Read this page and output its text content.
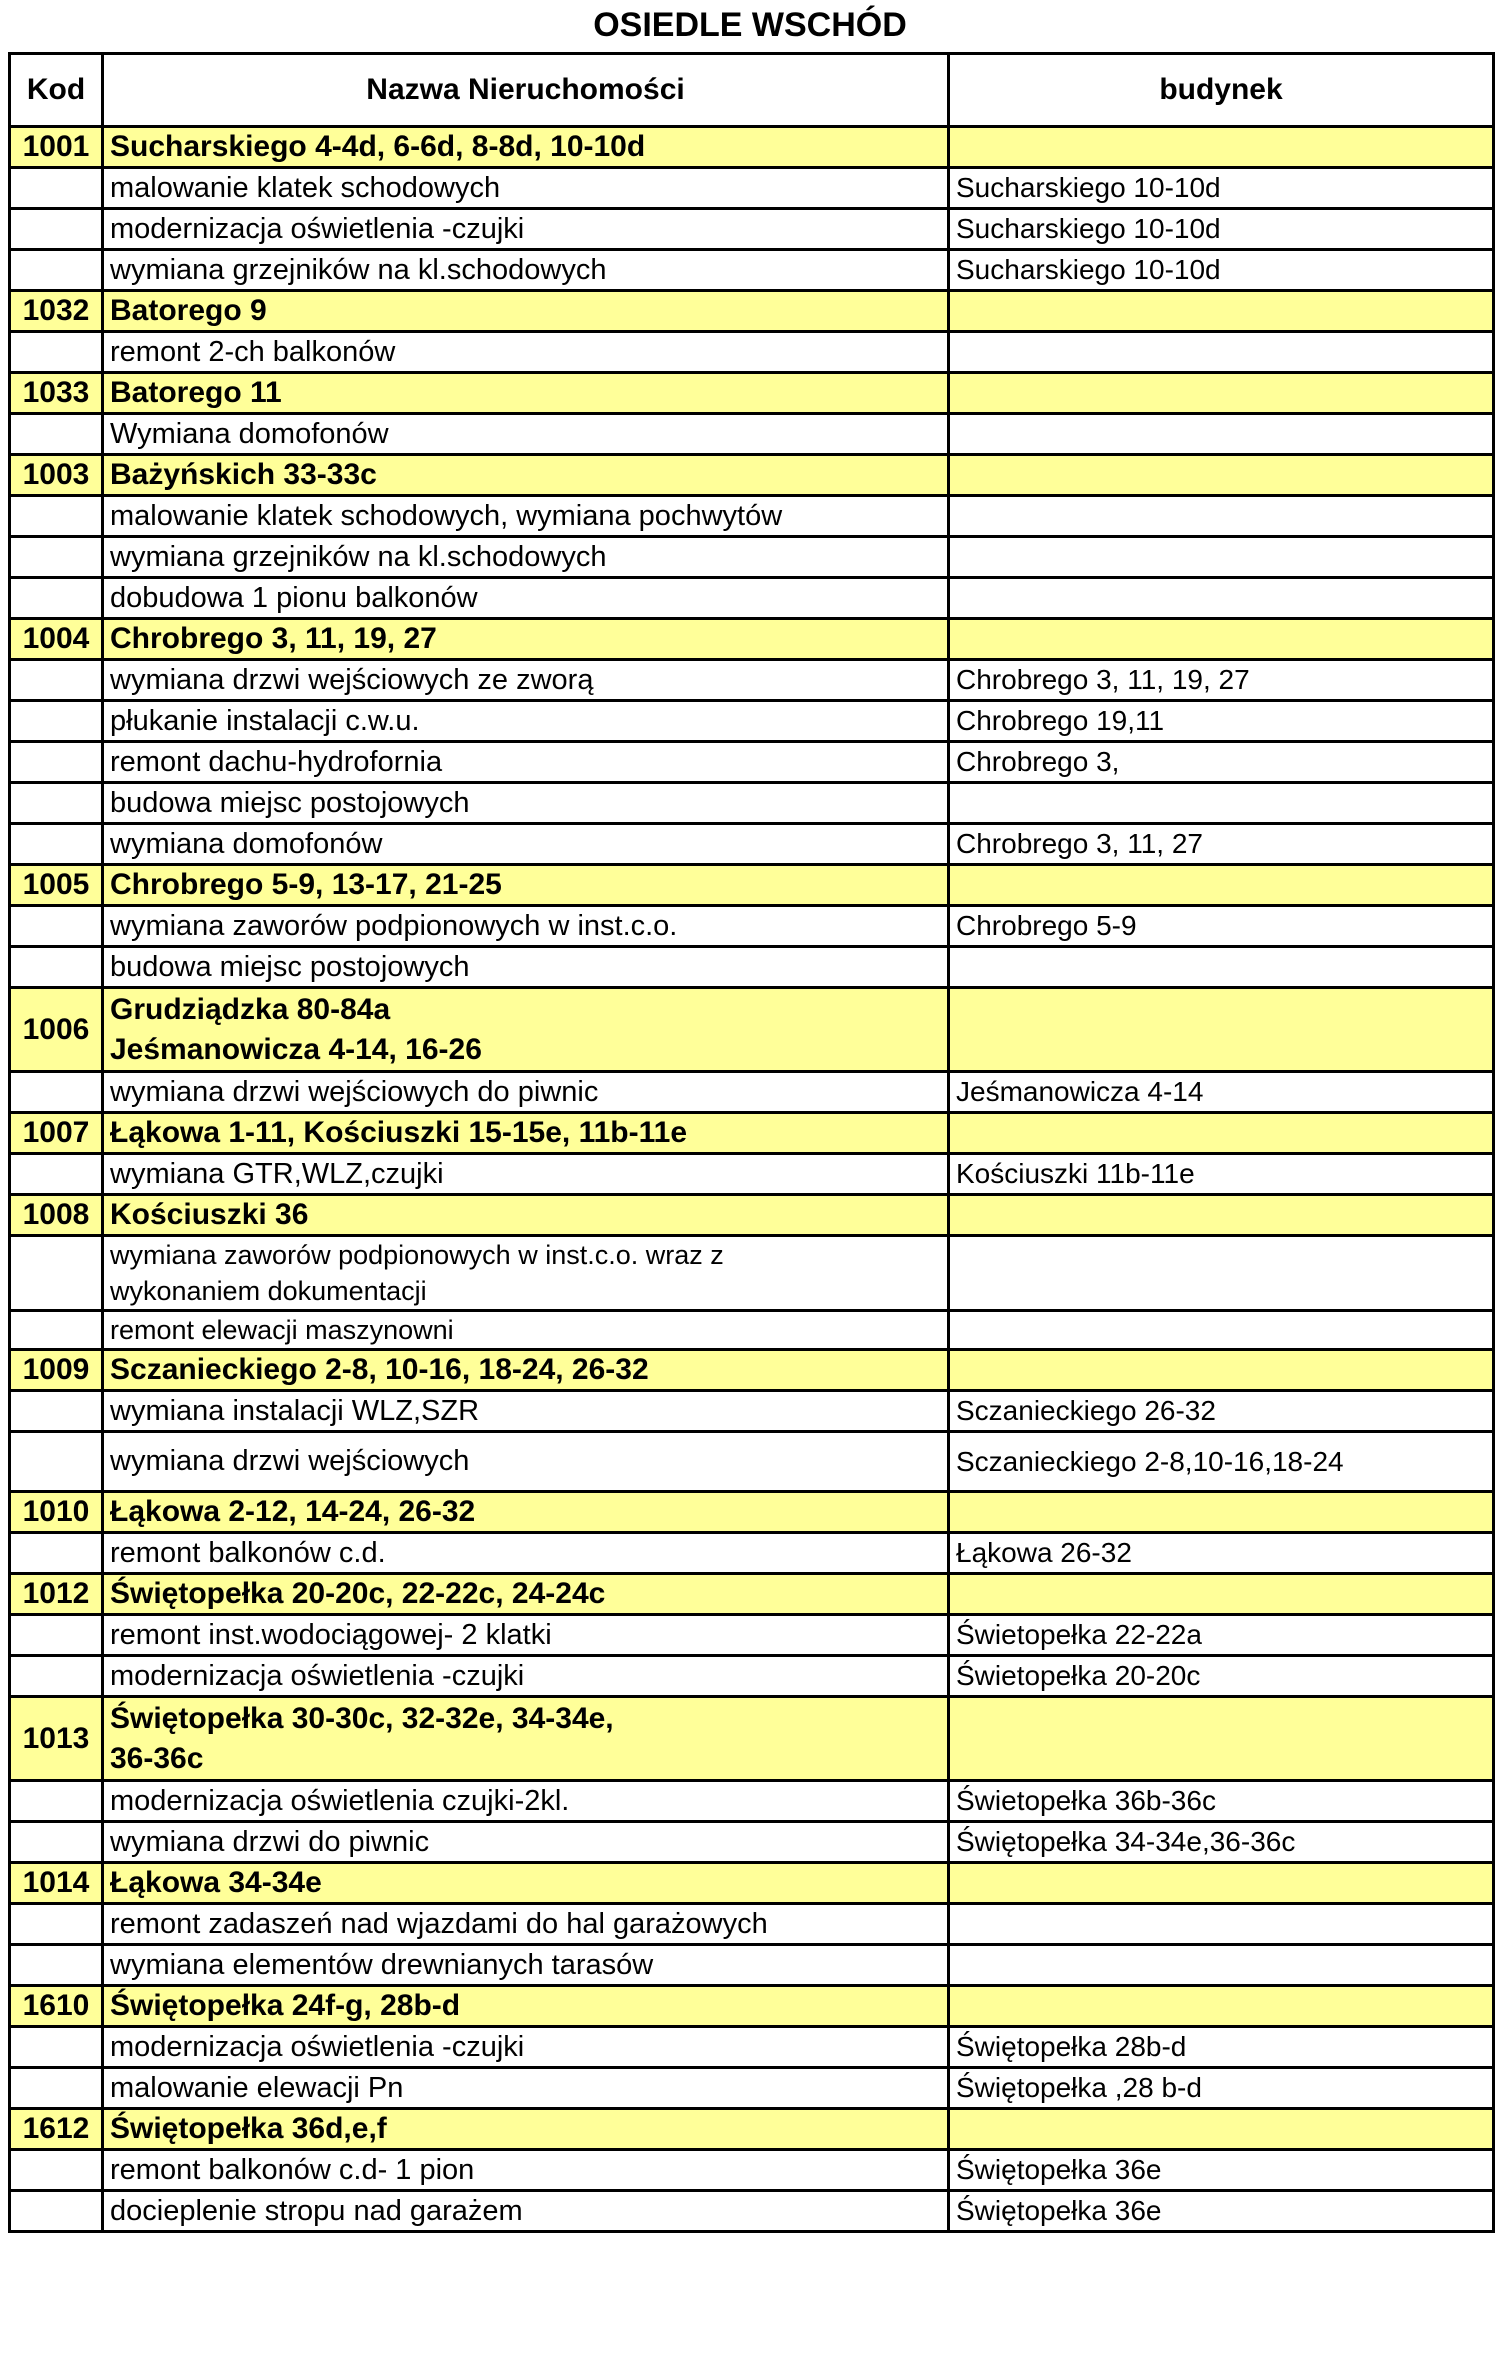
OSIEDLE WSCHÓD
Kod	Nazwa Nieruchomości	budynek
1001	Sucharskiego 4-4d, 6-6d, 8-8d, 10-10d	

	malowanie klatek schodowych	Sucharskiego 10-10d

	modernizacja oświetlenia -czujki	Sucharskiego 10-10d

	wymiana grzejników na kl.schodowych	Sucharskiego 10-10d
1032	Batorego 9	

	remont 2-ch balkonów	

1033	Batorego 11	

	Wymiana domofonów	

1003	Bażyńskich 33-33c	

	malowanie klatek schodowych, wymiana pochwytów	

	wymiana grzejników na kl.schodowych	

	dobudowa 1 pionu balkonów	

1004	Chrobrego 3, 11, 19, 27	

	wymiana drzwi wejściowych ze zworą	Chrobrego 3, 11, 19, 27

	płukanie instalacji c.w.u.	Chrobrego 19,11

	remont dachu-hydrofornia	Chrobrego 3,

	budowa miejsc postojowych	

	wymiana domofonów	Chrobrego 3, 11, 27
1005	Chrobrego 5-9, 13-17, 21-25	

	wymiana zaworów podpionowych w inst.c.o.	Chrobrego 5-9

	budowa miejsc postojowych	

1006	Grudziądzka 80-84a
Jeśmanowicza 4-14, 16-26	

	wymiana drzwi wejściowych do piwnic	Jeśmanowicza 4-14
1007	Łąkowa 1-11, Kościuszki 15-15e, 11b-11e	

	wymiana GTR,WLZ,czujki	Kościuszki 11b-11e
1008	Kościuszki 36	

	wymiana zaworów podpionowych w inst.c.o. wraz z
wykonaniem dokumentacji	

	remont elewacji maszynowni	

1009	Sczanieckiego 2-8, 10-16, 18-24, 26-32	

	wymiana instalacji WLZ,SZR	Sczanieckiego 26-32

	wymiana drzwi wejściowych	Sczanieckiego 2-8,10-16,18-24
1010	Łąkowa 2-12, 14-24, 26-32	

	remont balkonów c.d.	Łąkowa 26-32
1012	Świętopełka 20-20c, 22-22c, 24-24c	

	remont inst.wodociągowej- 2 klatki	Świetopełka 22-22a

	modernizacja oświetlenia -czujki	Świetopełka 20-20c
1013	Świętopełka 30-30c, 32-32e, 34-34e,
36-36c	

	modernizacja oświetlenia czujki-2kl.	Świetopełka 36b-36c

	wymiana drzwi do piwnic	Świętopełka 34-34e,36-36c
1014	Łąkowa 34-34e	

	remont zadaszeń nad wjazdami do hal garażowych	

	wymiana elementów drewnianych tarasów	

1610	Świętopełka 24f-g, 28b-d	

	modernizacja oświetlenia -czujki	Świętopełka 28b-d

	malowanie elewacji Pn	Świętopełka ,28 b-d
1612	Świętopełka 36d,e,f	

	remont balkonów c.d- 1 pion	Świętopełka 36e

	docieplenie stropu nad garażem	Świętopełka 36e
